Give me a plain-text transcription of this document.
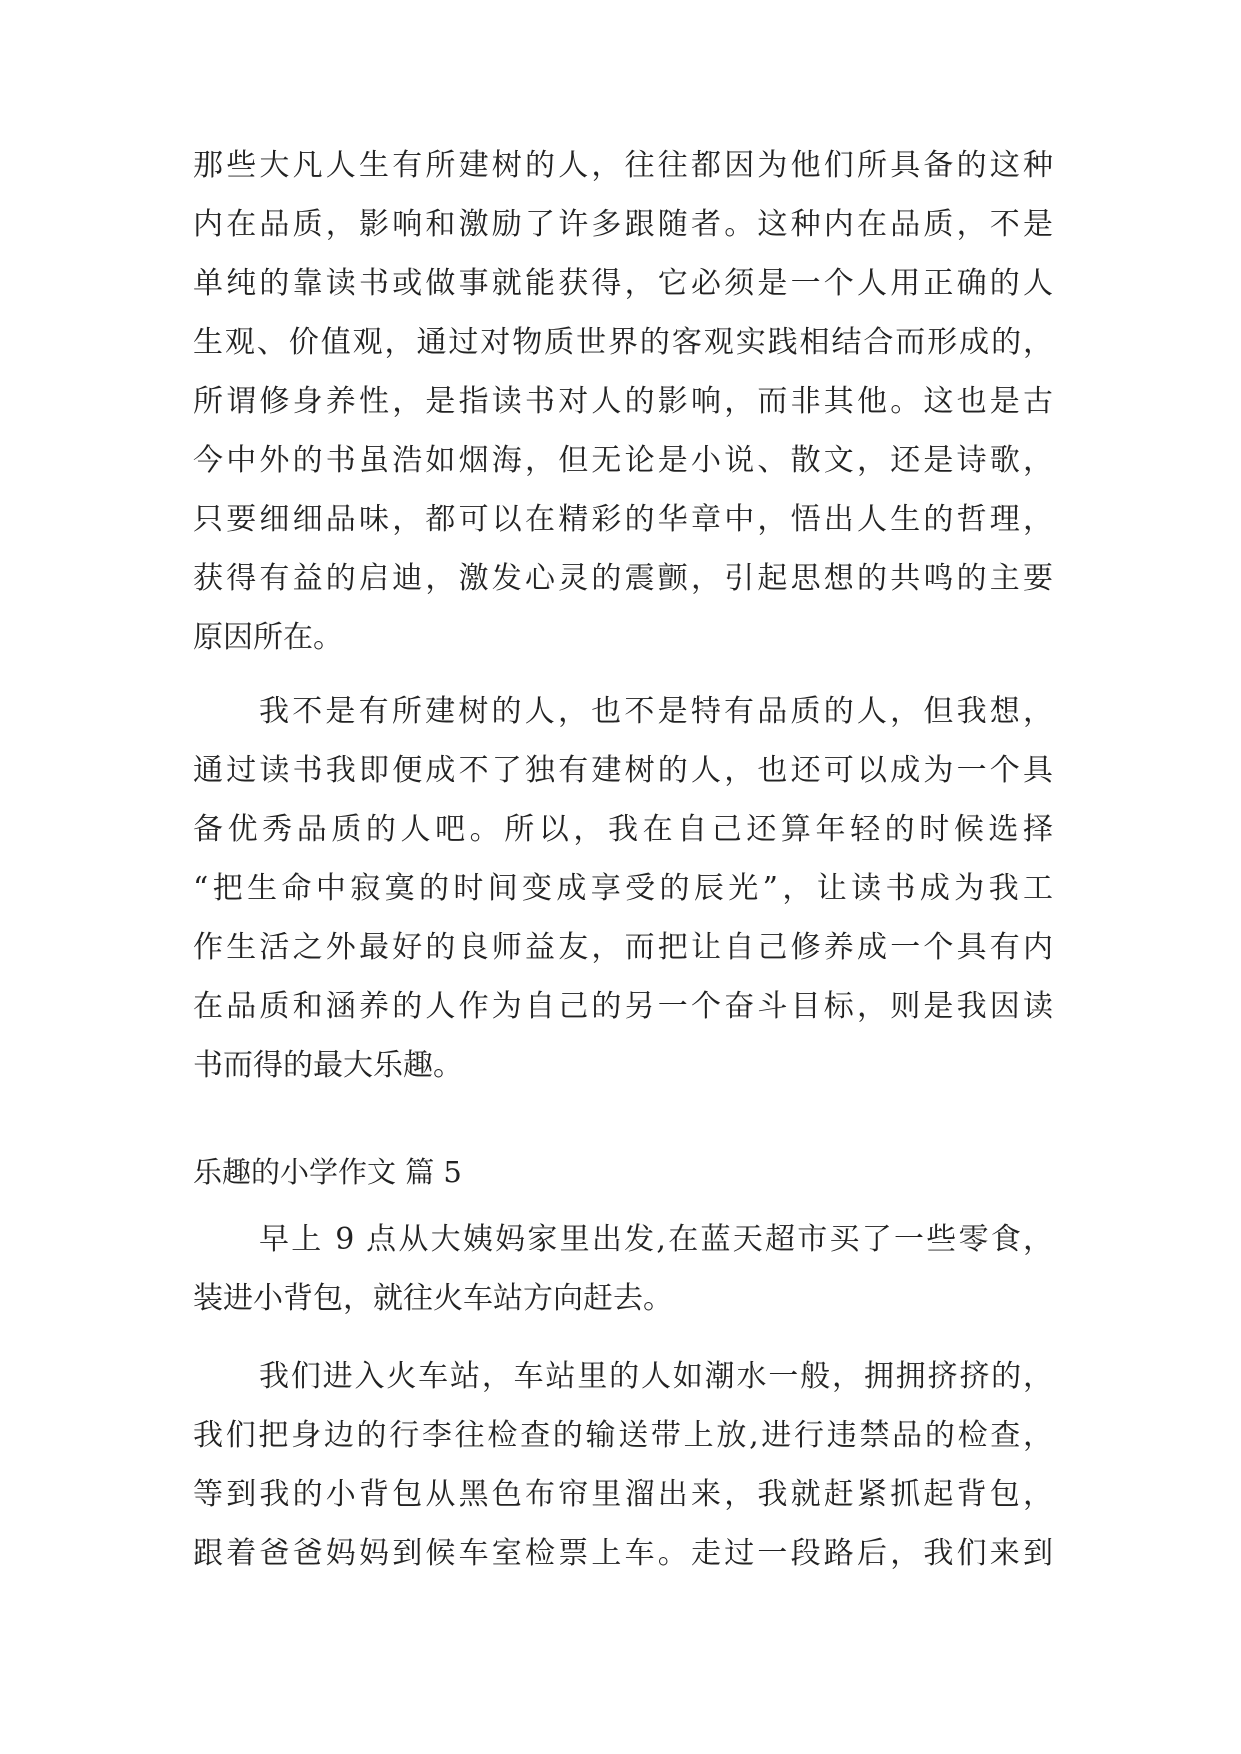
那些大凡人生有所建树的人，往往都因为他们所具备的这种
内在品质，影响和激励了许多跟随者。这种内在品质，不是
单纯的靠读书或做事就能获得，它必须是一个人用正确的人
生观、价值观，通过对物质世界的客观实践相结合而形成的，
所谓修身养性，是指读书对人的影响，而非其他。这也是古
今中外的书虽浩如烟海，但无论是小说、散文，还是诗歌，
只要细细品味，都可以在精彩的华章中，悟出人生的哲理，
获得有益的启迪，激发心灵的震颤，引起思想的共鸣的主要
原因所在。
我不是有所建树的人，也不是特有品质的人，但我想，
通过读书我即便成不了独有建树的人，也还可以成为一个具
备优秀品质的人吧。所以，我在自己还算年轻的时候选择
“把生命中寂寞的时间变成享受的辰光”，让读书成为我工
作生活之外最好的良师益友，而把让自己修养成一个具有内
在品质和涵养的人作为自己的另一个奋斗目标，则是我因读
书而得的最大乐趣。
乐趣的小学作文 篇 5
早上 9 点从大姨妈家里出发,在蓝天超市买了一些零食，
装进小背包，就往火车站方向赶去。
我们进入火车站，车站里的人如潮水一般，拥拥挤挤的，
我们把身边的行李往检查的输送带上放,进行违禁品的检查，
等到我的小背包从黑色布帘里溜出来，我就赶紧抓起背包，
跟着爸爸妈妈到候车室检票上车。走过一段路后，我们来到
